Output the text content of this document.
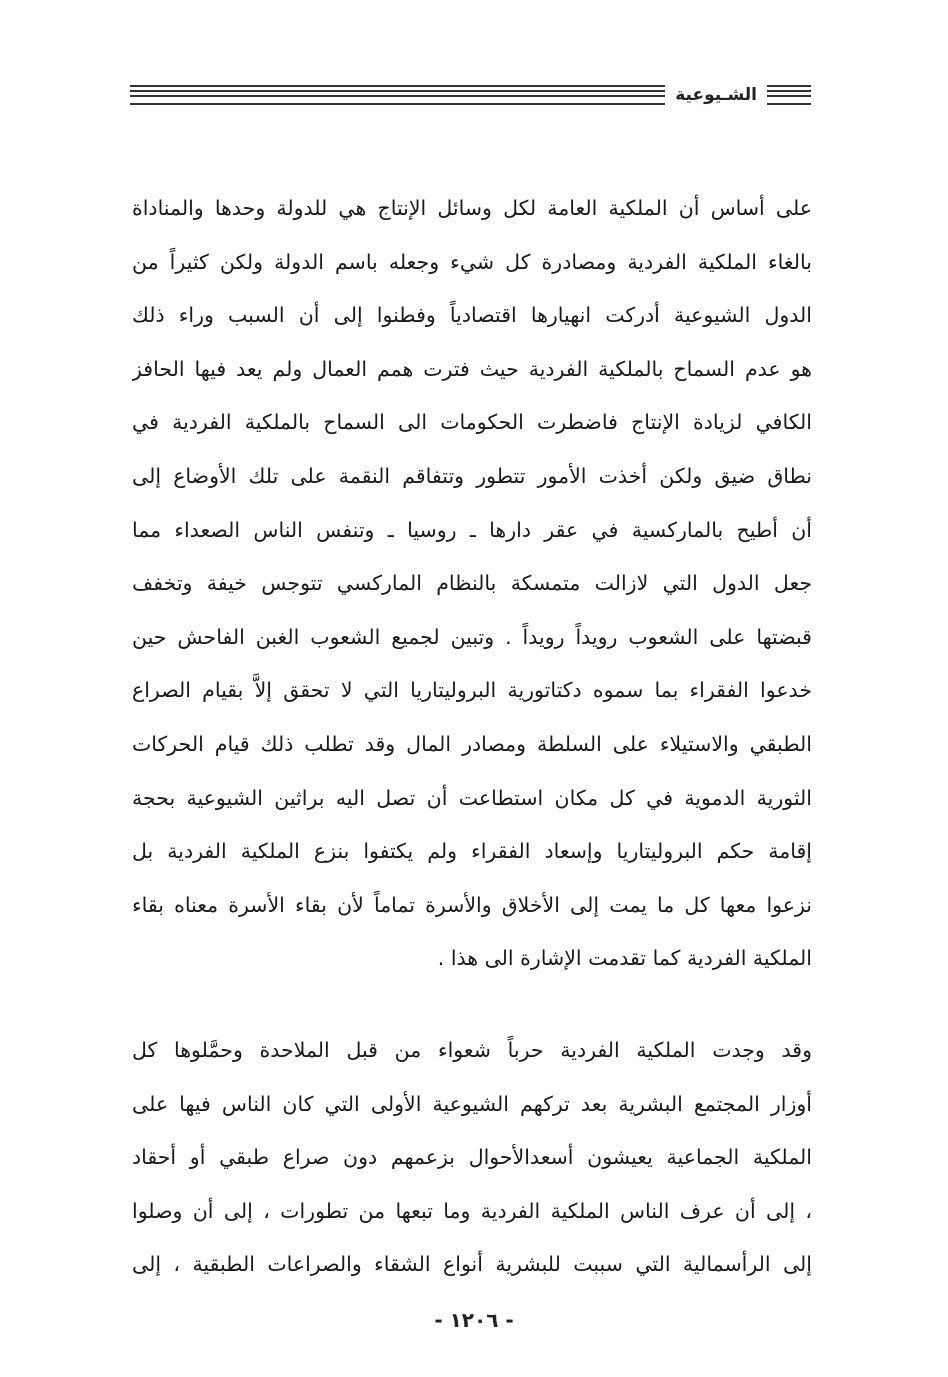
الشـيوعية
على أساس أن الملكية العامة لكل وسائل الإنتاج هي للدولة وحدها والمناداة
بالغاء الملكية الفردية ومصادرة كل شيء وجعله باسم الدولة ولكن كثيراً من
الدول الشيوعية أدركت انهيارها اقتصادياً وفطنوا إلى أن السبب وراء ذلك
هو عدم السماح بالملكية الفردية حيث فترت همم العمال ولم يعد فيها الحافز
الكافي لزيادة الإنتاج فاضطرت الحكومات الى السماح بالملكية الفردية في
نطاق ضيق ولكن أخذت الأمور تتطور وتتفاقم النقمة على تلك الأوضاع إلى
أن أطيح بالماركسية في عقر دارها ـ روسيا ـ وتنفس الناس الصعداء مما
جعل الدول التي لازالت متمسكة بالنظام الماركسي تتوجس خيفة وتخفف
قبضتها على الشعوب رويداً رويداً . وتبين لجميع الشعوب الغبن الفاحش حين
خدعوا الفقراء بما سموه دكتاتورية البروليتاريا التي لا تحقق إلاَّ بقيام الصراع
الطبقي والاستيلاء على السلطة ومصادر المال وقد تطلب ذلك قيام الحركات
الثورية الدموية في كل مكان استطاعت أن تصل اليه براثين الشيوعية بحجة
إقامة حكم البروليتاريا وإسعاد الفقراء ولم يكتفوا بنزع الملكية الفردية بل
نزعوا معها كل ما يمت إلى الأخلاق والأسرة تماماً لأن بقاء الأسرة معناه بقاء
الملكية الفردية كما تقدمت الإشارة الى هذا .
وقد وجدت الملكية الفردية حرباً شعواء من قبل الملاحدة وحمَّلوها كل
أوزار المجتمع البشرية بعد تركهم الشيوعية الأولى التي كان الناس فيها على
الملكية الجماعية يعيشون أسعدالأحوال بزعمهم دون صراع طبقي أو أحقاد
، إلى أن عرف الناس الملكية الفردية وما تبعها من تطورات ، إلى أن وصلوا
إلى الرأسمالية التي سببت للبشرية أنواع الشقاء والصراعات الطبقية ، إلى
- ١٢٠٦ -
